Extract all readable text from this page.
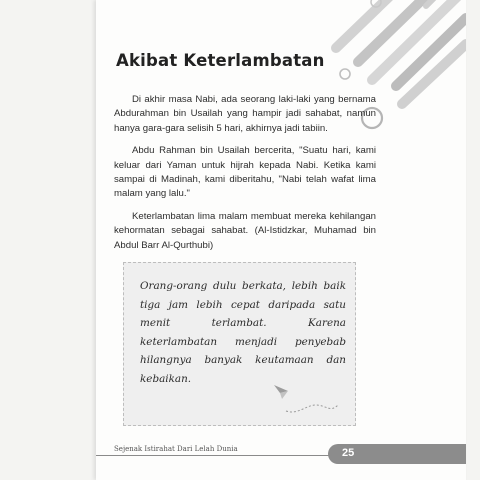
Akibat Keterlambatan

Di akhir masa Nabi, ada seorang laki-laki yang bernama Abdurahman bin Usailah yang hampir jadi sahabat, namun hanya gara-gara selisih 5 hari, akhirnya jadi tabiin.

Abdu Rahman bin Usailah bercerita, "Suatu hari, kami keluar dari Yaman untuk hijrah kepada Nabi. Ketika kami sampai di Madinah, kami diberitahu, "Nabi telah wafat lima malam yang lalu."

Keterlambatan lima malam membuat mereka kehilangan kehormatan sebagai sahabat. (Al-Istidzkar, Muhamad bin Abdul Barr Al-Qurthubi)

Orang-orang dulu berkata, lebih baik tiga jam lebih cepat daripada satu menit terlambat. Karena keterlambatan menjadi penyebab hilangnya banyak keutamaan dan kebaikan.
Sejenak Istirahat Dari Lelah Dunia	25
